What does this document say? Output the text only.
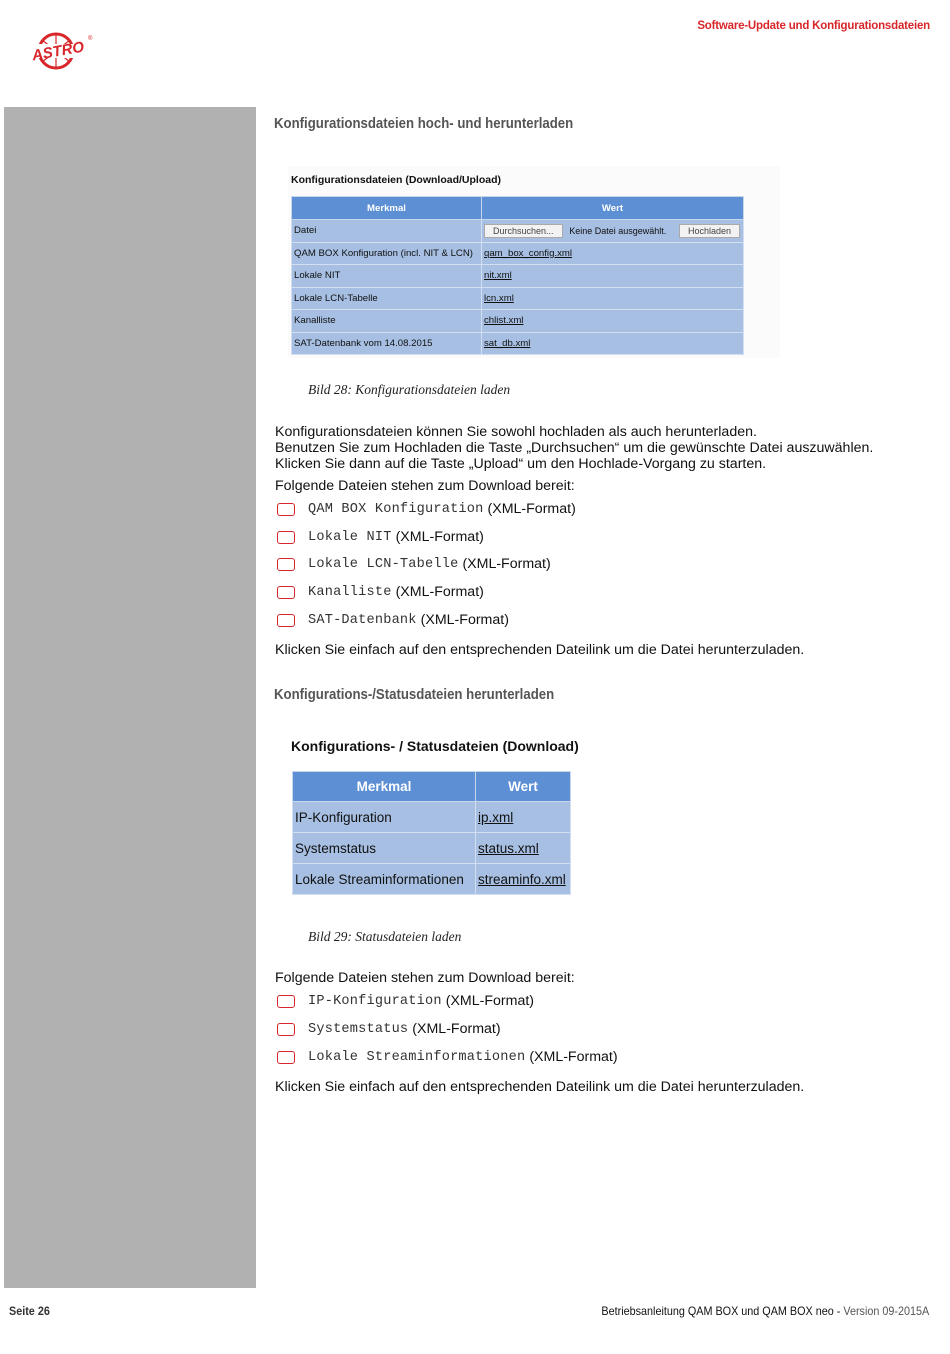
Software-Update und Konfigurationsdateien
ASTRO ®
Konfigurationsdateien hoch- und herunterladen
Konfigurationsdateien (Download/Upload)
Merkmal	Wert
Datei	Durchsuchen... Keine Datei ausgewählt. Hochladen

QAM BOX Konfiguration (incl. NIT & LCN)	qam_box_config.xml
Lokale NIT	nit.xml
Lokale LCN-Tabelle	lcn.xml
Kanalliste	chlist.xml
SAT-Datenbank vom 14.08.2015	sat_db.xml
Bild 28: Konfigurationsdateien laden
Konfigurationsdateien können Sie sowohl hochladen als auch herunterladen.
Benutzen Sie zum Hochladen die Taste „Durchsuchen“ um die gewünschte Datei auszuwählen.
Klicken Sie dann auf die Taste „Upload“ um den Hochlade-Vorgang zu starten.
Folgende Dateien stehen zum Download bereit:
QAM BOX Konfiguration (XML-Format)
Lokale NIT (XML-Format)
Lokale LCN-Tabelle (XML-Format)
Kanalliste (XML-Format)
SAT-Datenbank (XML-Format)
Klicken Sie einfach auf den entsprechenden Dateilink um die Datei herunterzuladen.
Konfigurations-/Statusdateien herunterladen
Konfigurations- / Statusdateien (Download)
Merkmal	Wert
IP-Konfiguration	ip.xml
Systemstatus	status.xml
Lokale Streaminformationen	streaminfo.xml
Bild 29: Statusdateien laden
Folgende Dateien stehen zum Download bereit:
IP-Konfiguration (XML-Format)
Systemstatus (XML-Format)
Lokale Streaminformationen (XML-Format)
Klicken Sie einfach auf den entsprechenden Dateilink um die Datei herunterzuladen.
Seite 26	Betriebsanleitung QAM BOX und QAM BOX neo - Version 09-2015A
